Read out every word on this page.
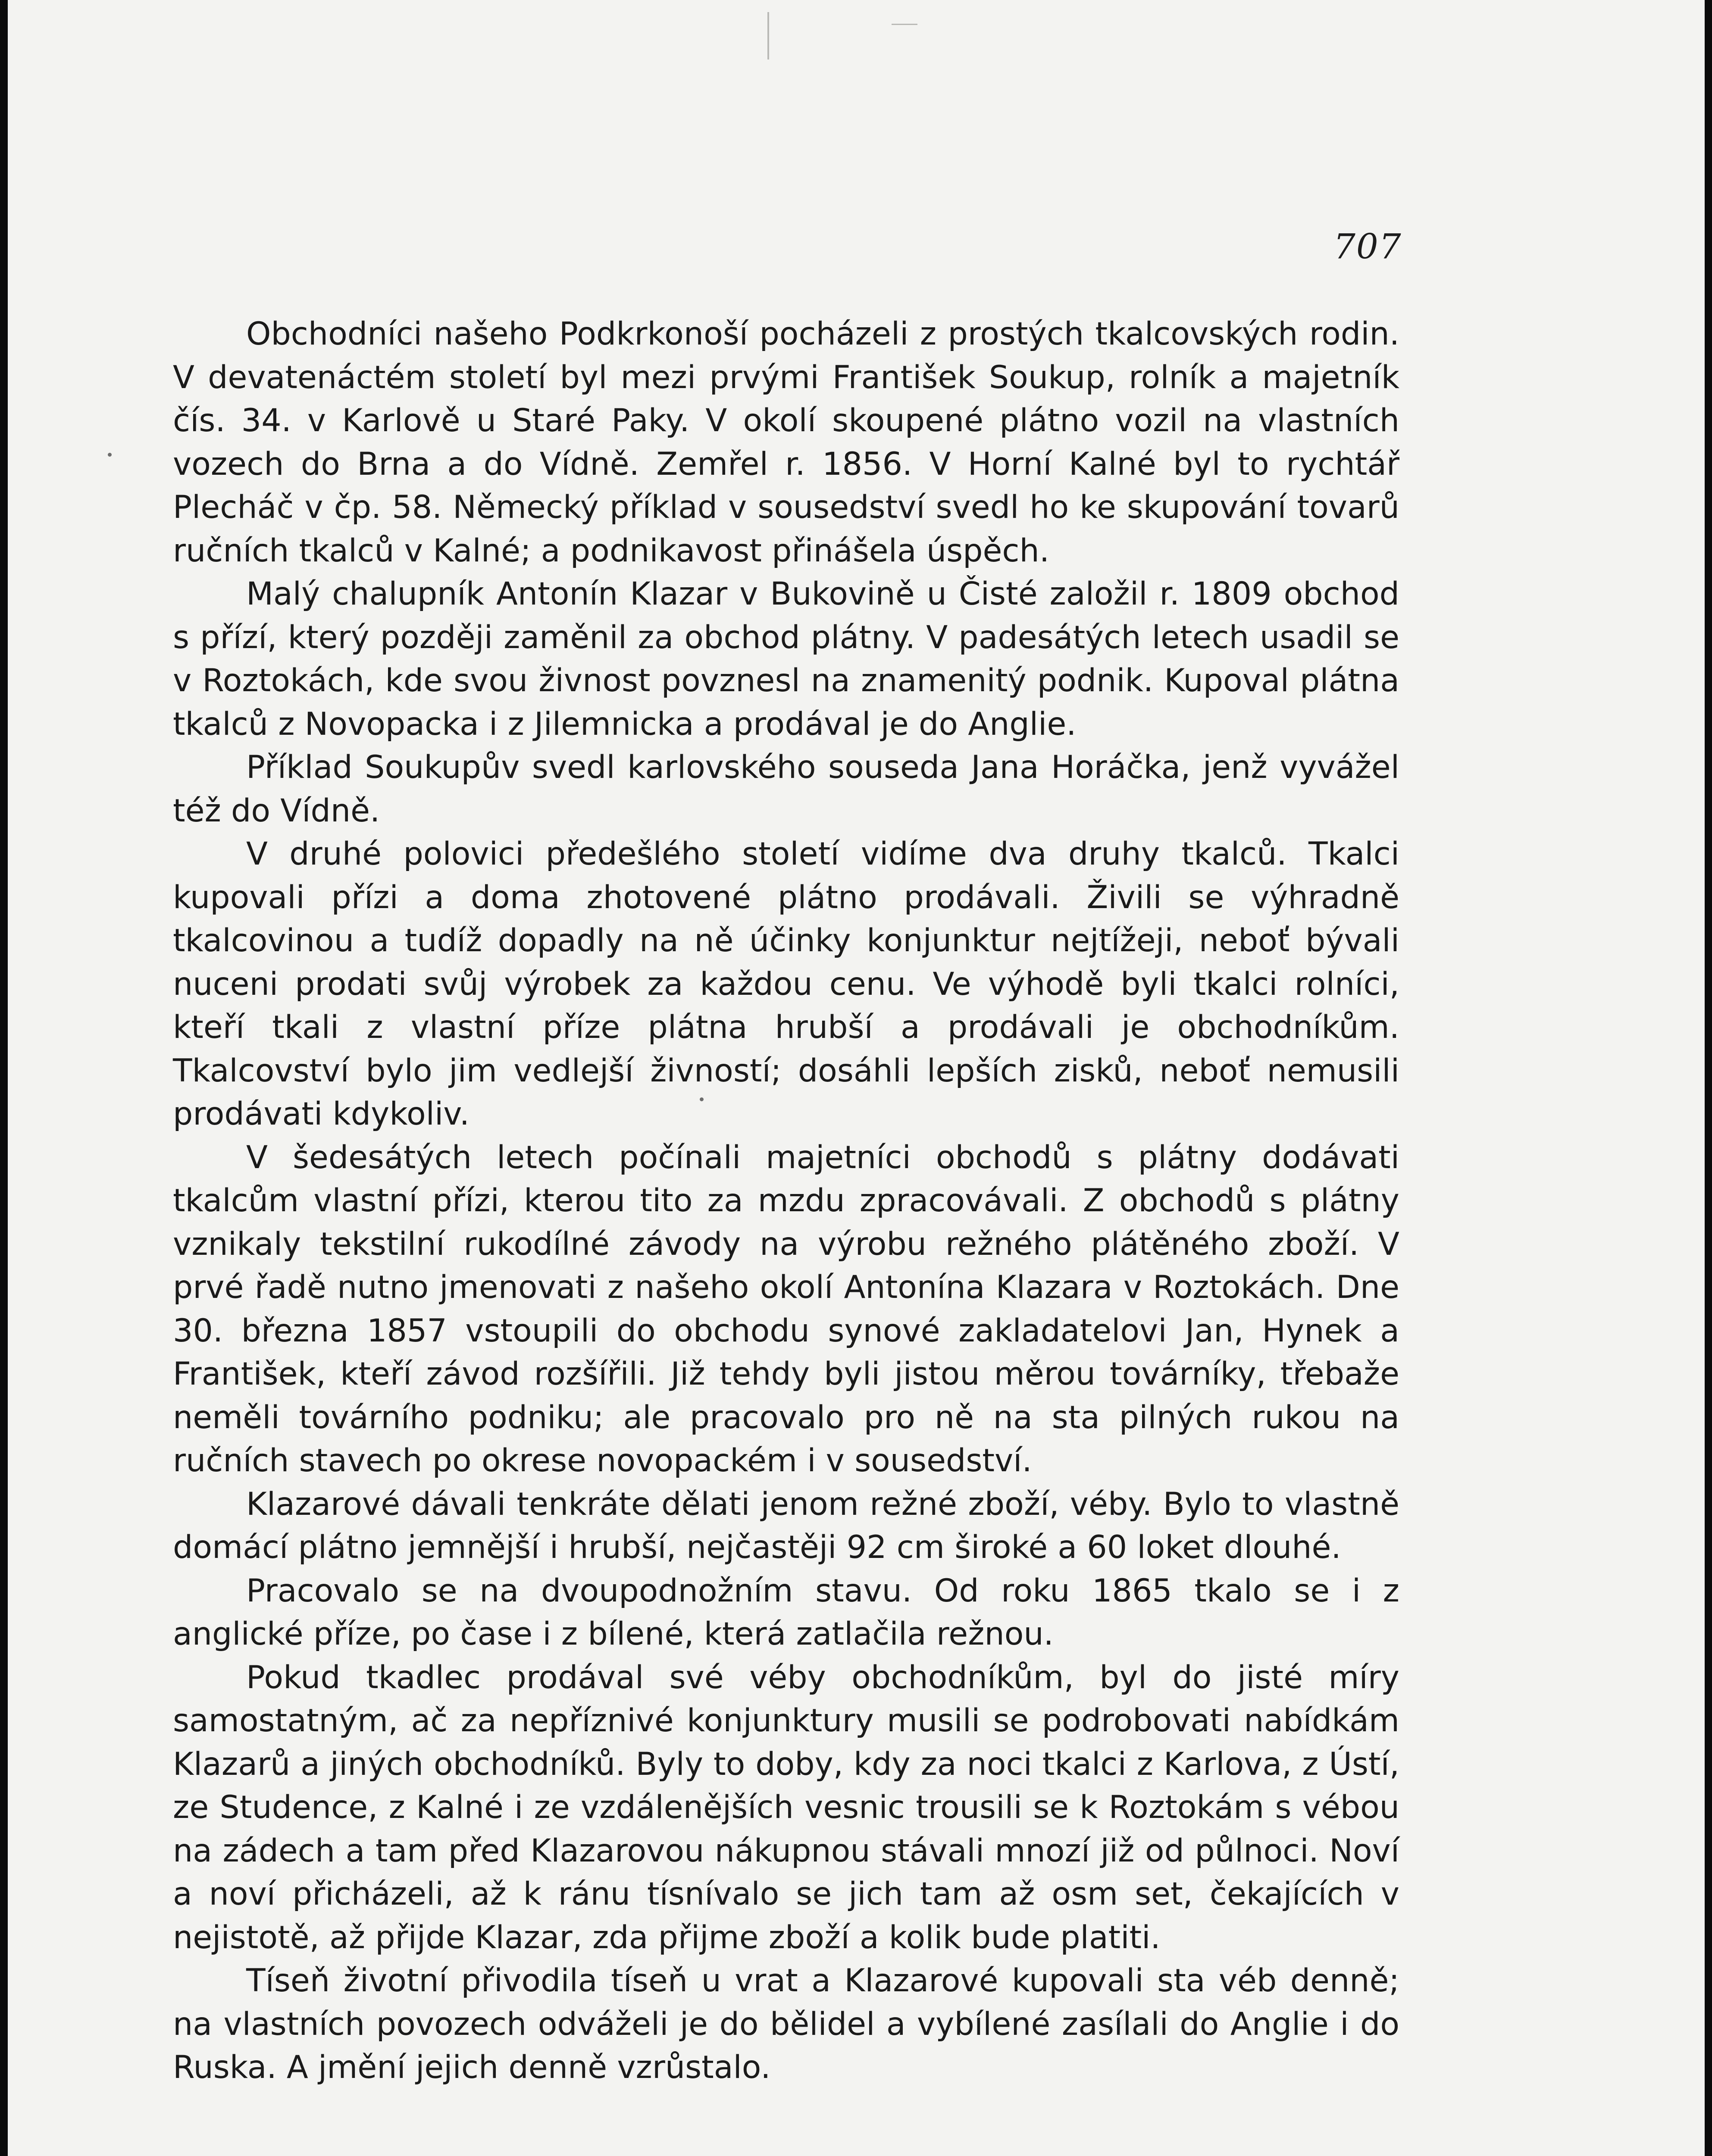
707

Obchodníci našeho Podkrkonoší pocházeli z prostých tkalcovských rodin. V devatenáctém století byl mezi prvými František Soukup, rolník a majetník čís. 34. v Karlově u Staré Paky. V okolí skoupené plátno vozil na vlastních vozech do Brna a do Vídně. Zemřel r. 1856. V Horní Kalné byl to rychtář Plecháč v čp. 58. Německý příklad v sousedství svedl ho ke skupování tovarů ručních tkalců v Kalné; a podnikavost přinášela úspěch.

Malý chalupník Antonín Klazar v Bukovině u Čisté založil r. 1809 obchod s přízí, který později zaměnil za obchod plátny. V padesátých letech usadil se v Roztokách, kde svou živnost povznesl na znamenitý podnik. Kupoval plátna tkalců z Novopacka i z Jilemnicka a prodával je do Anglie.

Příklad Soukupův svedl karlovského souseda Jana Horáčka, jenž vyvážel též do Vídně.

V druhé polovici předešlého století vidíme dva druhy tkalců. Tkalci kupovali přízi a doma zhotovené plátno prodávali. Živili se výhradně tkalcovinou a tudíž dopadly na ně účinky konjunktur nejtížeji, neboť bývali nuceni prodati svůj výrobek za každou cenu. Ve výhodě byli tkalci rolníci, kteří tkali z vlastní příze plátna hrubší a prodávali je obchodníkům. Tkalcovství bylo jim vedlejší živností; dosáhli lepších zisků, neboť nemusili prodávati kdykoliv.

V šedesátých letech počínali majetníci obchodů s plátny dodávati tkalcům vlastní přízi, kterou tito za mzdu zpracovávali. Z obchodů s plátny vznikaly tekstilní rukodílné závody na výrobu režného plátěného zboží. V prvé řadě nutno jmenovati z našeho okolí Antonína Klazara v Roztokách. Dne 30. března 1857 vstoupili do obchodu synové zakladatelovi Jan, Hynek a František, kteří závod rozšířili. Již tehdy byli jistou měrou továrníky, třebaže neměli továrního podniku; ale pracovalo pro ně na sta pilných rukou na ručních stavech po okrese novopackém i v sousedství.

Klazarové dávali tenkráte dělati jenom režné zboží, véby. Bylo to vlastně domácí plátno jemnější i hrubší, nejčastěji 92 cm široké a 60 loket dlouhé.

Pracovalo se na dvoupodnožním stavu. Od roku 1865 tkalo se i z anglické příze, po čase i z bílené, která zatlačila režnou.

Pokud tkadlec prodával své véby obchodníkům, byl do jisté míry samostatným, ač za nepříznivé konjunktury musili se podrobovati nabídkám Klazarů a jiných obchodníků. Byly to doby, kdy za noci tkalci z Karlova, z Ústí, ze Studence, z Kalné i ze vzdálenějších vesnic trousili se k Roztokám s vébou na zádech a tam před Klazarovou nákupnou stávali mnozí již od půlnoci. Noví a noví přicházeli, až k ránu tísnívalo se jich tam až osm set, čekajících v nejistotě, až přijde Klazar, zda přijme zboží a kolik bude platiti.

Tíseň životní přivodila tíseň u vrat a Klazarové kupovali sta véb denně; na vlastních povozech odváželi je do bělidel a vybílené zasílali do Anglie i do Ruska. A jmění jejich denně vzrůstalo.
